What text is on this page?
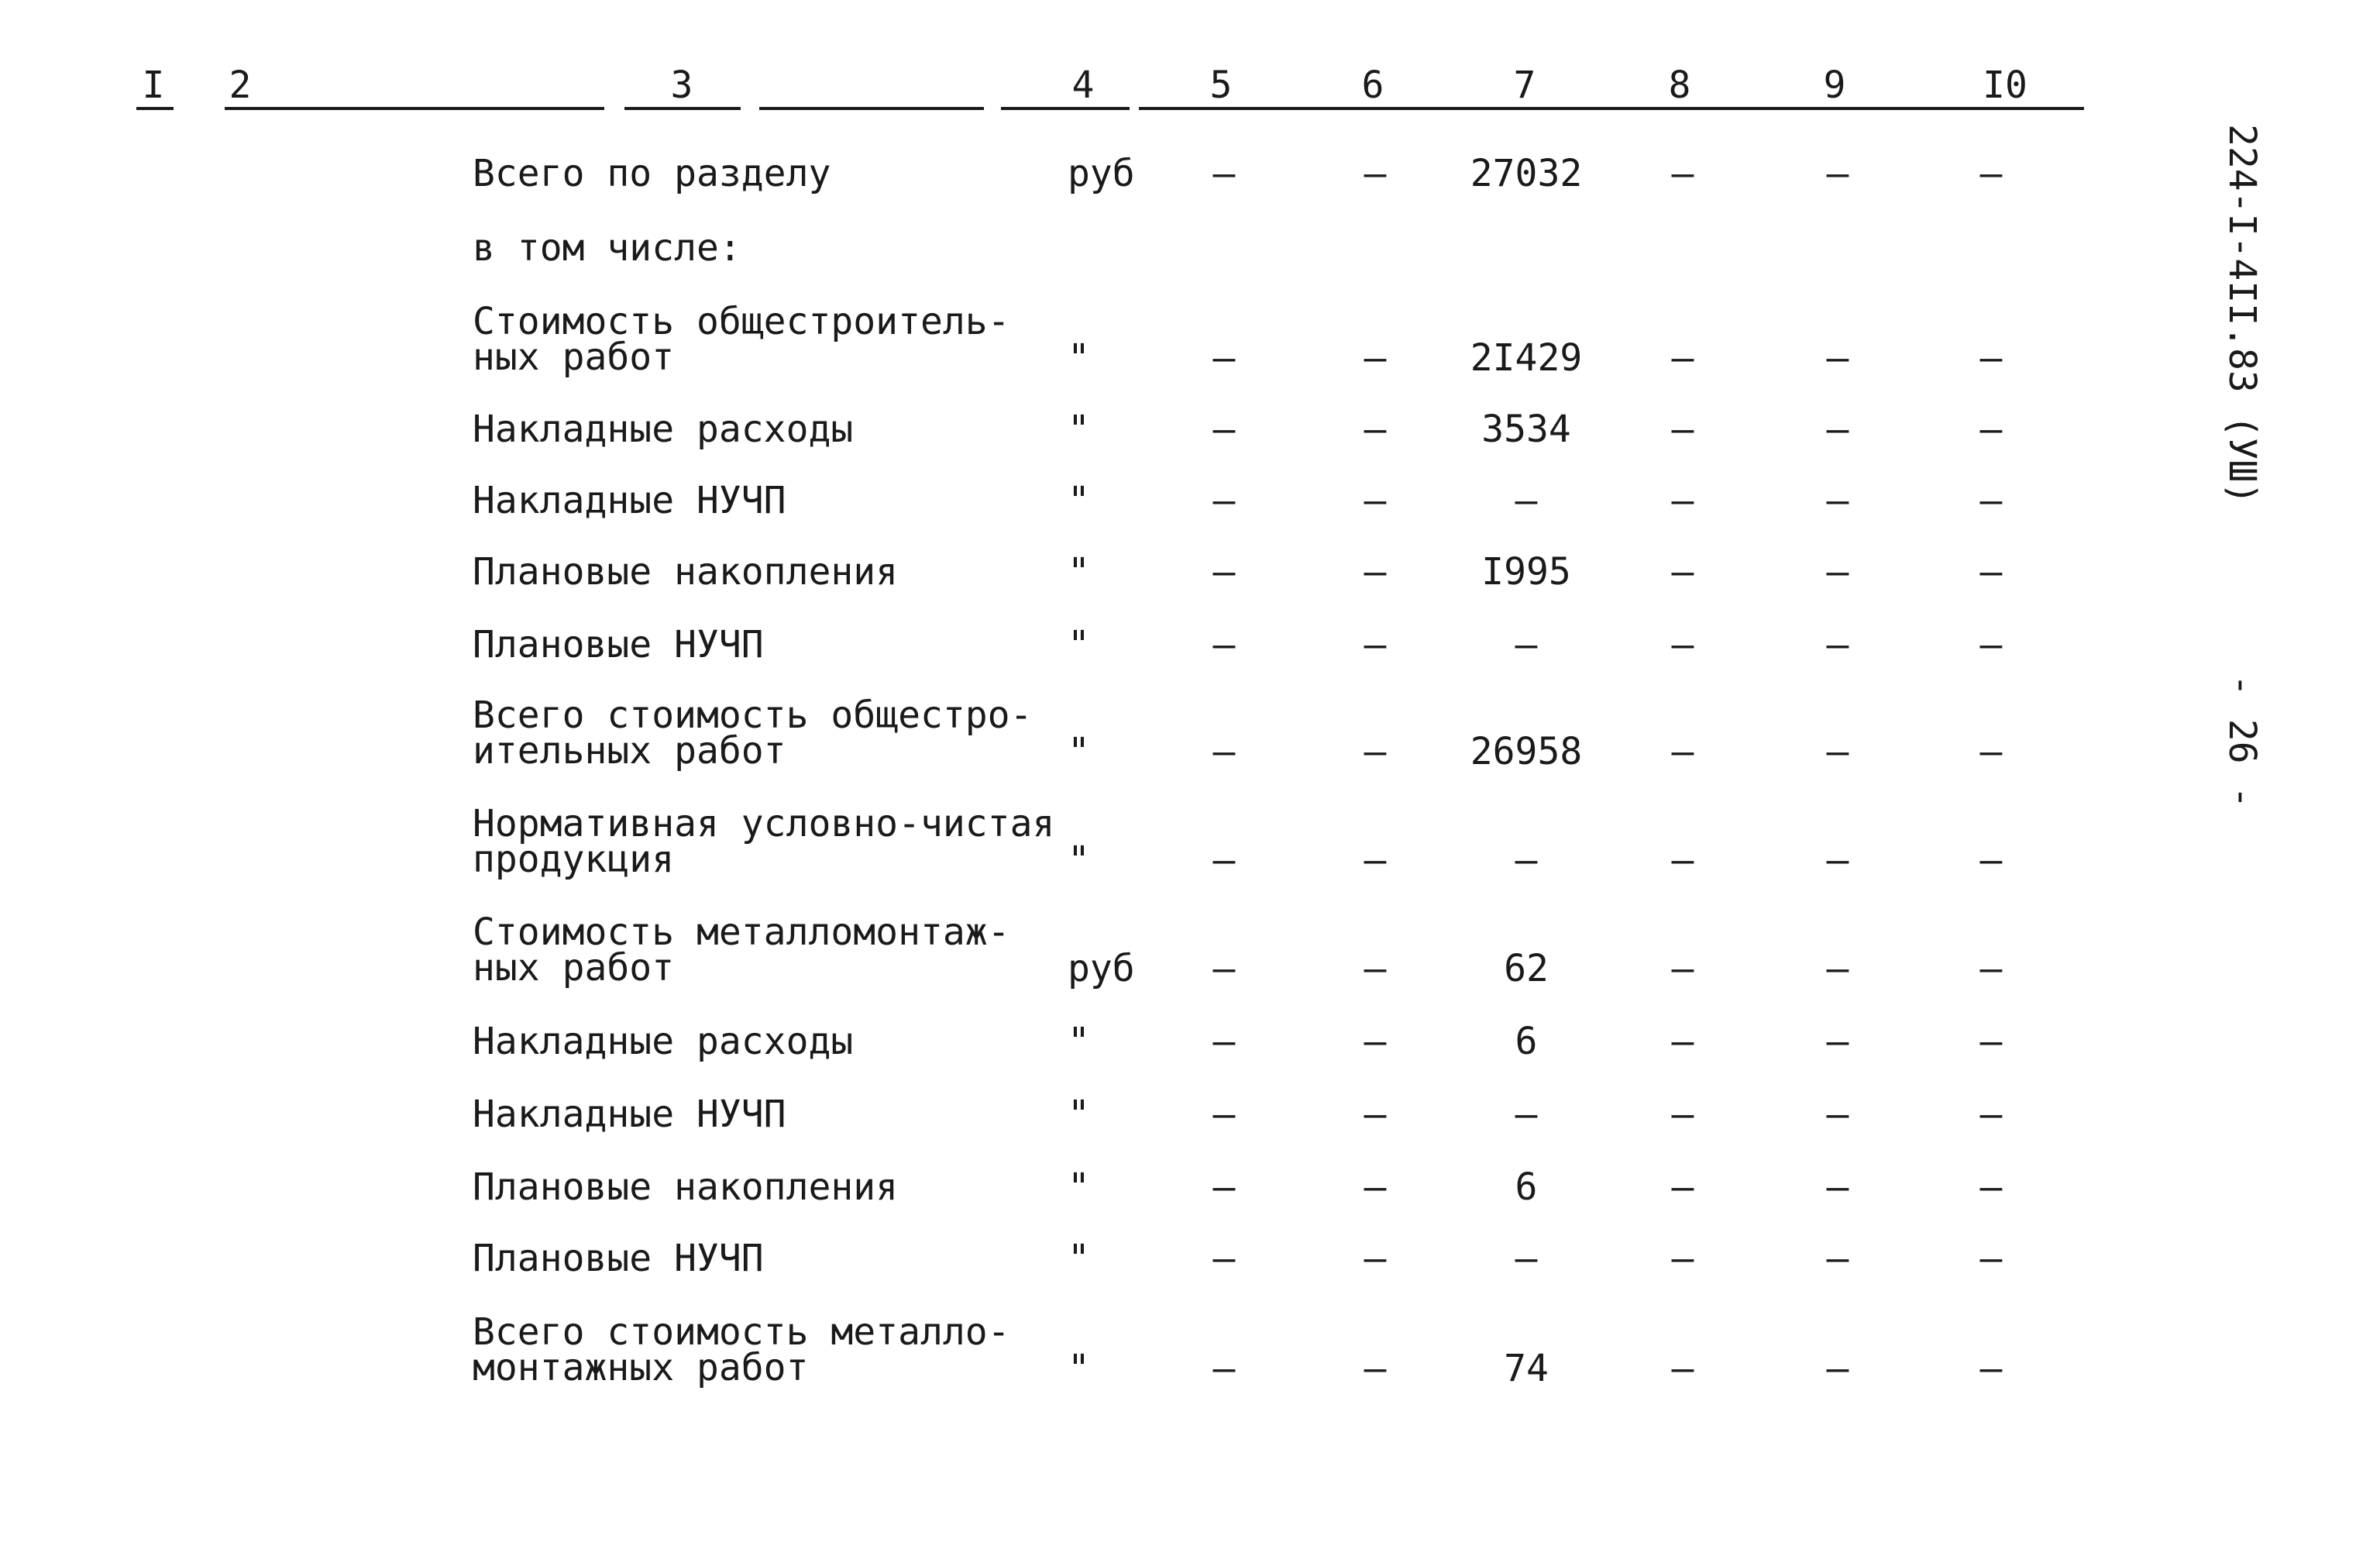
I 2	3	4	5	6	7	8	9	I0
Всего по разделу	руб	–	–	27032	–	–	–
в том числе:
Стоимость общестроитель-
ных работ	"	–	–	2I429	–	–	–
Накладные расходы	"	–	–	3534	–	–	–
Накладные НУЧП	"	–	–	–	–	–	–
Плановые накопления	"	–	–	I995	–	–	–
Плановые НУЧП	"	–	–	–	–	–	–
Всего стоимость общестро-
ительных работ	"	–	–	26958	–	–	–
Нормативная условно-чистая
продукция	"	–	–	–	–	–	–
Стоимость металломонтаж-
ных работ	руб	–	–	62	–	–	–
Накладные расходы	"	–	–	6	–	–	–
Накладные НУЧП	"	–	–	–	–	–	–
Плановые накопления	"	–	–	6	–	–	–
Плановые НУЧП	"	–	–	–	–	–	–
Всего стоимость металло-
монтажных работ	"	–	–	74	–	–	–
224-I-4II.83 (УШ)
- 26 -
